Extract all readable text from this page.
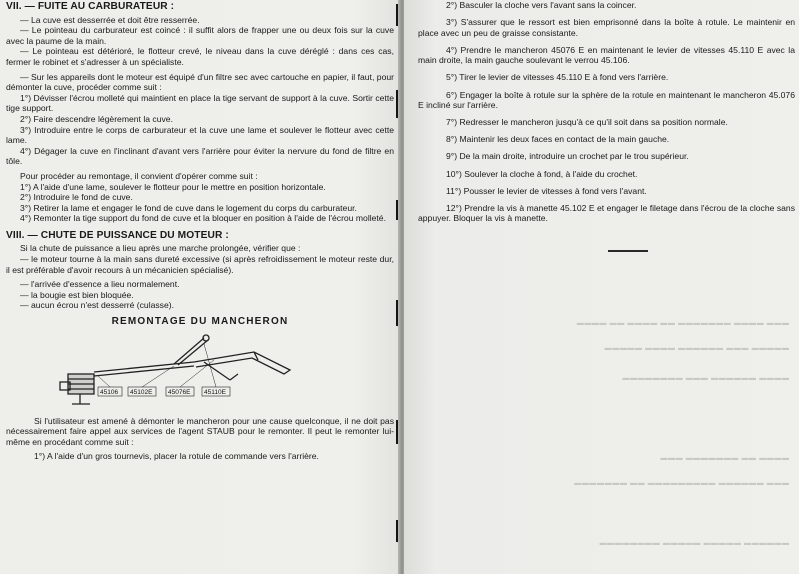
VII. — FUITE AU CARBURATEUR :

— La cuve est desserrée et doit être resserrée.

— Le pointeau du carburateur est coincé : il suffit alors de frapper une ou deux fois sur la cuve avec la paume de la main.

— Le pointeau est détérioré, le flotteur crevé, le niveau dans la cuve déréglé : dans ces cas, fermer le robinet et s'adresser à un spécialiste.

— Sur les appareils dont le moteur est équipé d'un filtre sec avec cartouche en papier, il faut, pour démonter la cuve, procéder comme suit :

1°) Dévisser l'écrou molleté qui maintient en place la tige servant de support à la cuve. Sortir cette tige support.

2°) Faire descendre légèrement la cuve.

3°) Introduire entre le corps de carburateur et la cuve une lame et soulever le flotteur avec cette lame.

4°) Dégager la cuve en l'inclinant d'avant vers l'arrière pour éviter la nervure du fond de filtre en tôle.

Pour procéder au remontage, il convient d'opérer comme suit :

1°) A l'aide d'une lame, soulever le flotteur pour le mettre en position horizontale.

2°) Introduire le fond de cuve.

3°) Retirer la lame et engager le fond de cuve dans le logement du corps du carburateur.

4°) Remonter la tige support du fond de cuve et la bloquer en position à l'aide de l'écrou molleté.

VIII. — CHUTE DE PUISSANCE DU MOTEUR :

Si la chute de puissance a lieu après une marche prolongée, vérifier que :

— le moteur tourne à la main sans dureté excessive (si après refroidissement le moteur reste dur, il est préférable d'avoir recours à un mécanicien spécialisé).

— l'arrivée d'essence a lieu normalement.

— la bougie est bien bloquée.

— aucun écrou n'est desserré (culasse).

REMONTAGE DU MANCHERON
45106 45102E 45076E 45110E

Si l'utilisateur est amené à démonter le mancheron pour une cause quelconque, il ne doit pas nécessairement faire appel aux services de l'agent STAUB pour le remonter. Il peut le remonter lui-même en procédant comme suit :

1°) A l'aide d'un gros tournevis, placer la rotule de commande vers l'arrière.

▬▬▬ ▬▬▬▬ ▬▬▬▬▬▬▬ ▬▬ ▬▬▬▬ ▬▬ ▬▬▬▬
▬▬▬▬▬ ▬▬▬ ▬▬▬▬▬▬ ▬▬▬▬ ▬▬▬▬▬
▬▬▬▬ ▬▬▬▬▬▬ ▬▬▬ ▬▬▬▬▬▬▬▬
▬▬▬▬ ▬▬ ▬▬▬▬▬▬▬ ▬▬▬
▬▬▬ ▬▬▬▬▬▬ ▬▬▬▬▬▬▬▬▬ ▬▬ ▬▬▬▬▬▬▬
▬▬▬▬▬▬ ▬▬▬▬▬ ▬▬▬▬▬ ▬▬▬▬▬▬▬▬

2°) Basculer la cloche vers l'avant sans la coincer.

3°) S'assurer que le ressort est bien emprisonné dans la boîte à rotule. Le maintenir en place avec un peu de graisse consistante.

4°) Prendre le mancheron 45076 E en maintenant le levier de vitesses 45.110 E avec la main droite, la main gauche soulevant le verrou 45.106.

5°) Tirer le levier de vitesses 45.110 E à fond vers l'arrière.

6°) Engager la boîte à rotule sur la sphère de la rotule en maintenant le mancheron 45.076 E incliné sur l'arrière.

7°) Redresser le mancheron jusqu'à ce qu'il soit dans sa position normale.

8°) Maintenir les deux faces en contact de la main gauche.

9°) De la main droite, introduire un crochet par le trou supérieur.

10°) Soulever la cloche à fond, à l'aide du crochet.

11°) Pousser le levier de vitesses à fond vers l'avant.

12°) Prendre la vis à manette 45.102 E et engager le filetage dans l'écrou de la cloche sans appuyer. Bloquer la vis à manette.
